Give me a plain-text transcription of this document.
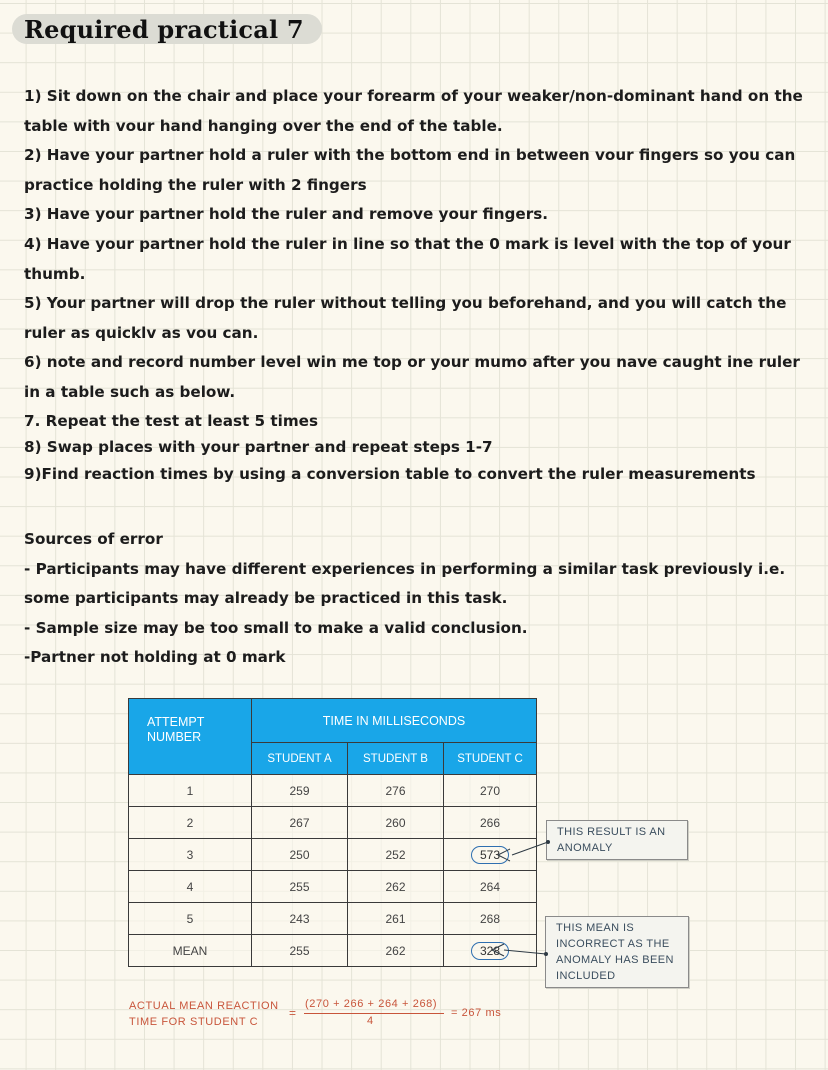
Required practical 7
1) Sit down on the chair and place your forearm of your weaker/non-dominant hand on the table with vour hand hanging over the end of the table.
2) Have your partner hold a ruler with the bottom end in between vour fingers so you can practice holding the ruler with 2 fingers
3) Have your partner hold the ruler and remove your fingers.
4) Have your partner hold the ruler in line so that the 0 mark is level with the top of your thumb.
5) Your partner will drop the ruler without telling you beforehand, and you will catch the ruler as quicklv as vou can.
6) note and record number level win me top or your mumo after you nave caught ine ruler in a table such as below.
7. Repeat the test at least 5 times
8) Swap places with your partner and repeat steps 1-7
9)Find reaction times by using a conversion table to convert the ruler measurements
Sources of error
- Participants may have different experiences in performing a similar task previously i.e. some participants may already be practiced in this task.
- Sample size may be too small to make a valid conclusion.
-Partner not holding at 0 mark
ATTEMPT NUMBER	TIME IN MILLISECONDS		
	STUDENT A	STUDENT B	STUDENT C
1	259	276	270
2	267	260	266
3	250	252	573
4	255	262	264
5	243	261	268
MEAN	255	262	328
THIS RESULT IS AN ANOMALY
THIS MEAN IS INCORRECT AS THE ANOMALY HAS BEEN INCLUDED
ACTUAL MEAN REACTION TIME FOR STUDENT C
=
(270 + 266 + 264 + 268)
4
= 267 ms
